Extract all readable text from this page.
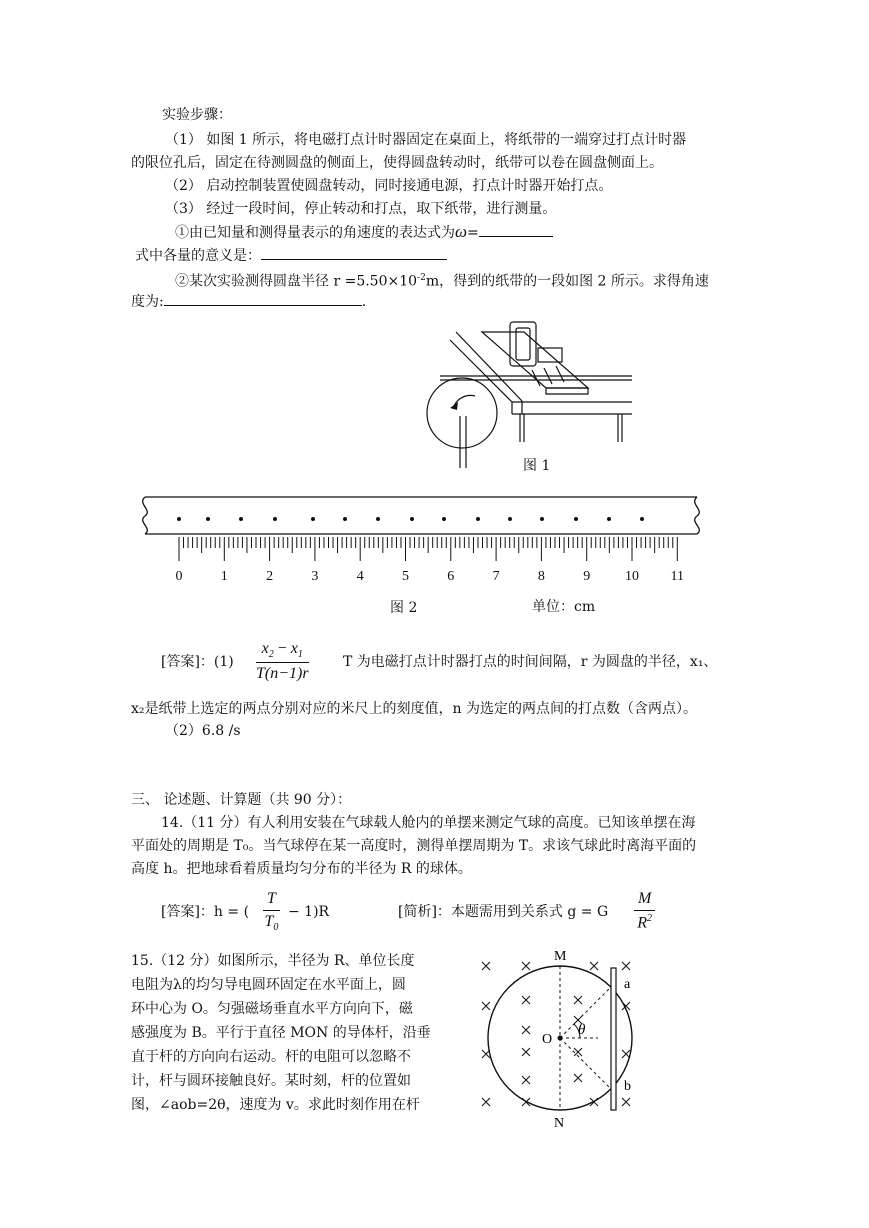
实验步骤：
（1） 如图 1 所示，将电磁打点计时器固定在桌面上，将纸带的一端穿过打点计时器
的限位孔后，固定在待测圆盘的侧面上，使得圆盘转动时，纸带可以卷在圆盘侧面上。
（2） 启动控制装置使圆盘转动，同时接通电源，打点计时器开始打点。
（3） 经过一段时间，停止转动和打点，取下纸带，进行测量。
①由已知量和测得量表示的角速度的表达式为ω=
式中各量的意义是：
②某次实验测得圆盘半径 $r =5.50\times 10^{-2}m$，得到的纸带的一段如图 2 所示。求得角速
度为:	.
图 1
0	1	2	3	4	5	6	7	8	9 10 11
图 2	单位：cm
[答案]：$(1) \frac{x_2 - x_1}{T(n-1)r}$ T 为电磁打点计时器打点的时间间隔，r 为圆盘的半径，x₁、
x₂是纸带上选定的两点分别对应的米尺上的刻度值，n 为选定的两点间的打点数（含两点）。
（2）6.8 /s
三、 论述题、计算题（共 90 分）：
14.（11 分）有人利用安装在气球载人舱内的单摆来测定气球的高度。已知该单摆在海
平面处的周期是 T₀。当气球停在某一高度时，测得单摆周期为 T。求该气球此时离海平面的
高度 h。把地球看着质量均匀分布的半径为 R 的球体。
[答案]：h = ( $\frac{T}{T_0} - 1)R$	[简析]：本题需用到关系式 g = G $\frac{M}{R^2}$
15.（12 分）如图所示，半径为 R、单位长度
电阻为λ的均匀导电圆环固定在水平面上，圆
环中心为 O。匀强磁场垂直水平方向向下，磁
感强度为 B。平行于直径 MON 的导体杆，沿垂
直于杆的方向向右运动。杆的电阻可以忽略不
计，杆与圆环接触良好。某时刻，杆的位置如
图，∠aob=2θ，速度为 v。求此时刻作用在杆
M
N
O
a
b
θ
